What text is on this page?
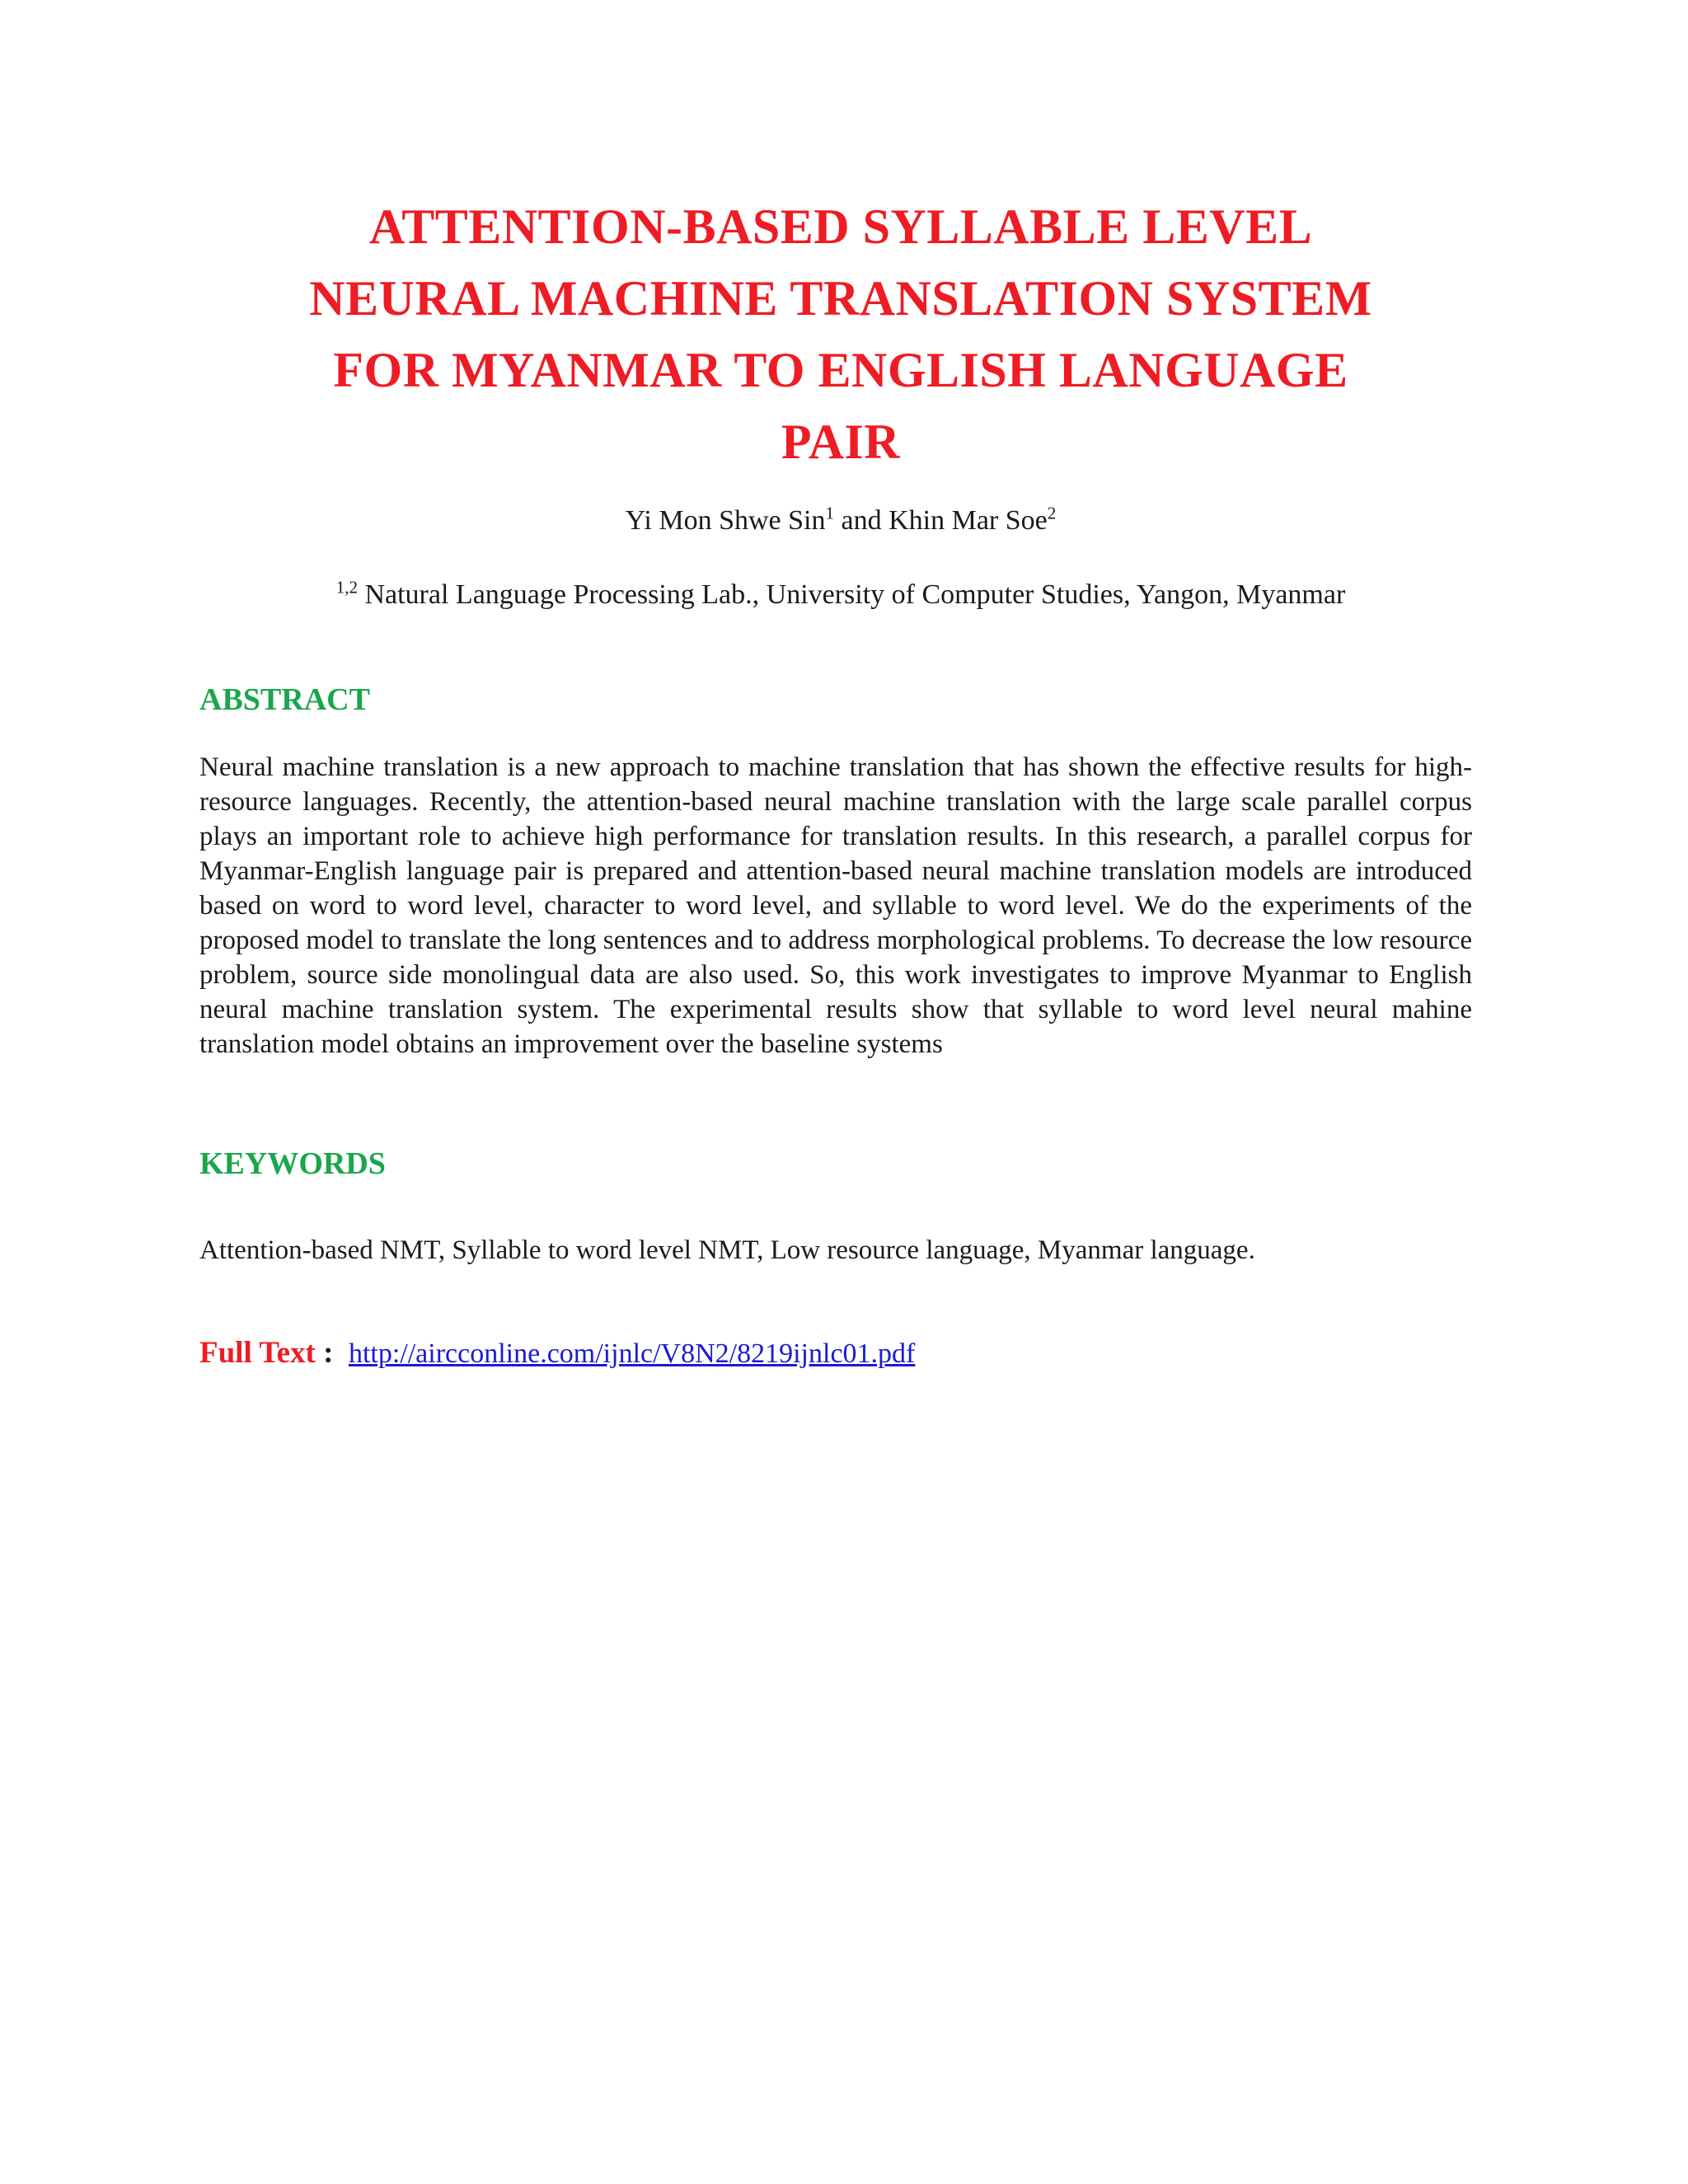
ATTENTION-BASED SYLLABLE LEVEL
NEURAL MACHINE TRANSLATION SYSTEM
FOR MYANMAR TO ENGLISH LANGUAGE
PAIR
Yi Mon Shwe Sin$^1$ and Khin Mar Soe$^2$
$^{1,2}$ Natural Language Processing Lab., University of Computer Studies, Yangon, Myanmar
ABSTRACT
Neural machine translation is a new approach to machine translation that has shown the effective results for high-resource languages. Recently, the attention-based neural machine translation with the large scale parallel corpus plays an important role to achieve high performance for translation results. In this research, a parallel corpus for Myanmar-English language pair is prepared and attention-based neural machine translation models are introduced based on word to word level, character to word level, and syllable to word level. We do the experiments of the proposed model to translate the long sentences and to address morphological problems. To decrease the low resource problem, source side monolingual data are also used. So, this work investigates to improve Myanmar to English neural machine translation system. The experimental results show that syllable to word level neural mahine translation model obtains an improvement over the baseline systems
KEYWORDS
Attention-based NMT, Syllable to word level NMT, Low resource language, Myanmar language.
Full Text : http://aircconline.com/ijnlc/V8N2/8219ijnlc01.pdf
